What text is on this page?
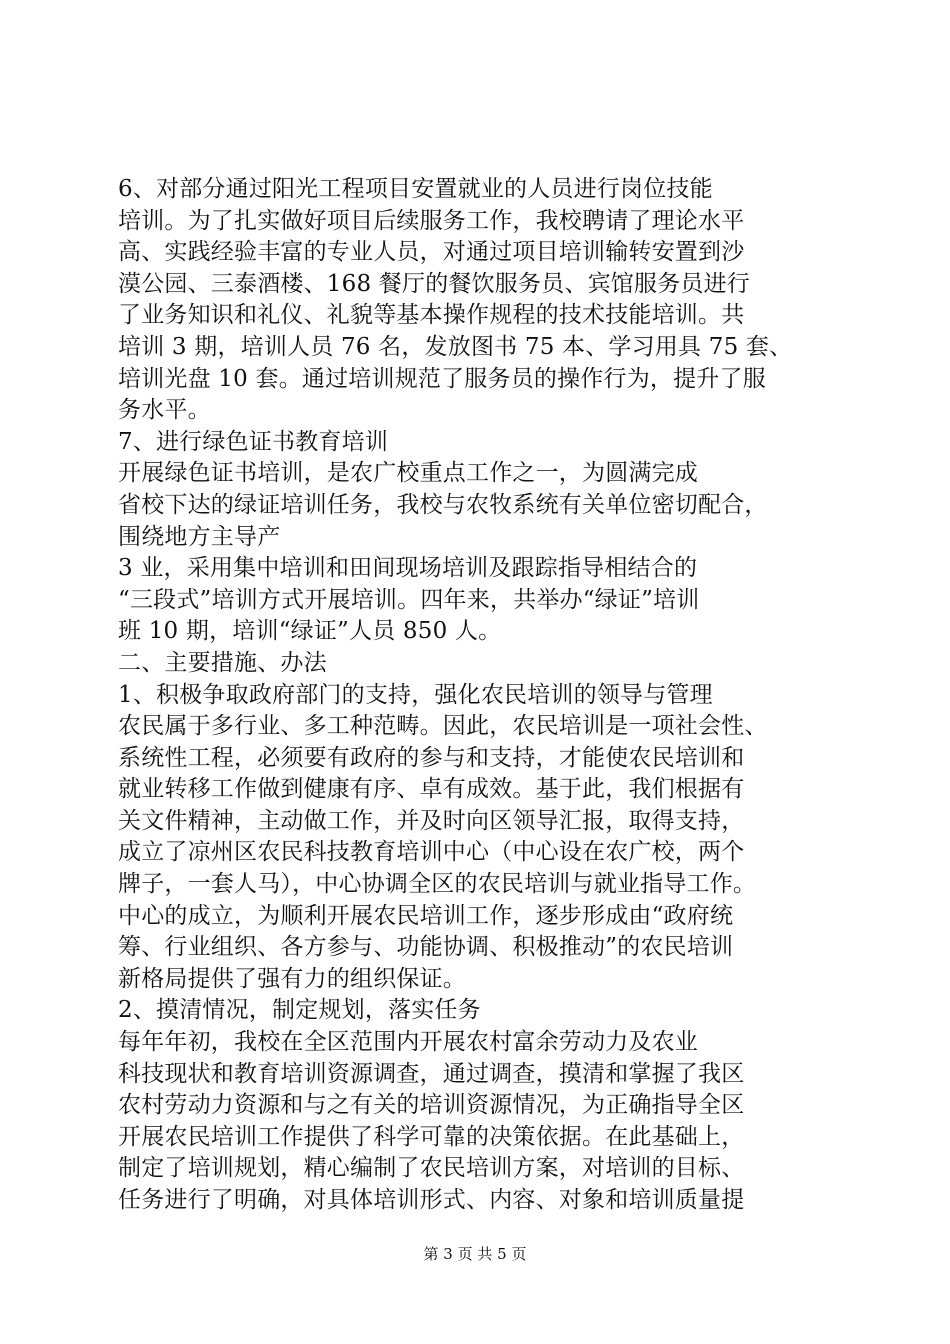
6、对部分通过阳光工程项目安置就业的人员进行岗位技能
培训。为了扎实做好项目后续服务工作，我校聘请了理论水平
高、实践经验丰富的专业人员，对通过项目培训输转安置到沙
漠公园、三泰酒楼、168 餐厅的餐饮服务员、宾馆服务员进行
了业务知识和礼仪、礼貌等基本操作规程的技术技能培训。共
培训 3 期，培训人员 76 名，发放图书 75 本、学习用具 75 套、
培训光盘 10 套。通过培训规范了服务员的操作行为，提升了服
务水平。
7、进行绿色证书教育培训
开展绿色证书培训，是农广校重点工作之一，为圆满完成
省校下达的绿证培训任务，我校与农牧系统有关单位密切配合，
围绕地方主导产
3 业，采用集中培训和田间现场培训及跟踪指导相结合的
“三段式”培训方式开展培训。四年来，共举办“绿证”培训
班 10 期，培训“绿证”人员 850 人。
二、主要措施、办法
1、积极争取政府部门的支持，强化农民培训的领导与管理
农民属于多行业、多工种范畴。因此，农民培训是一项社会性、
系统性工程，必须要有政府的参与和支持，才能使农民培训和
就业转移工作做到健康有序、卓有成效。基于此，我们根据有
关文件精神，主动做工作，并及时向区领导汇报，取得支持，
成立了凉州区农民科技教育培训中心（中心设在农广校，两个
牌子，一套人马），中心协调全区的农民培训与就业指导工作。
中心的成立，为顺利开展农民培训工作，逐步形成由“政府统
筹、行业组织、各方参与、功能协调、积极推动”的农民培训
新格局提供了强有力的组织保证。
2、摸清情况，制定规划，落实任务
每年年初，我校在全区范围内开展农村富余劳动力及农业
科技现状和教育培训资源调查，通过调查，摸清和掌握了我区
农村劳动力资源和与之有关的培训资源情况，为正确指导全区
开展农民培训工作提供了科学可靠的决策依据。在此基础上，
制定了培训规划，精心编制了农民培训方案，对培训的目标、
任务进行了明确，对具体培训形式、内容、对象和培训质量提
第 3 页 共 5 页
